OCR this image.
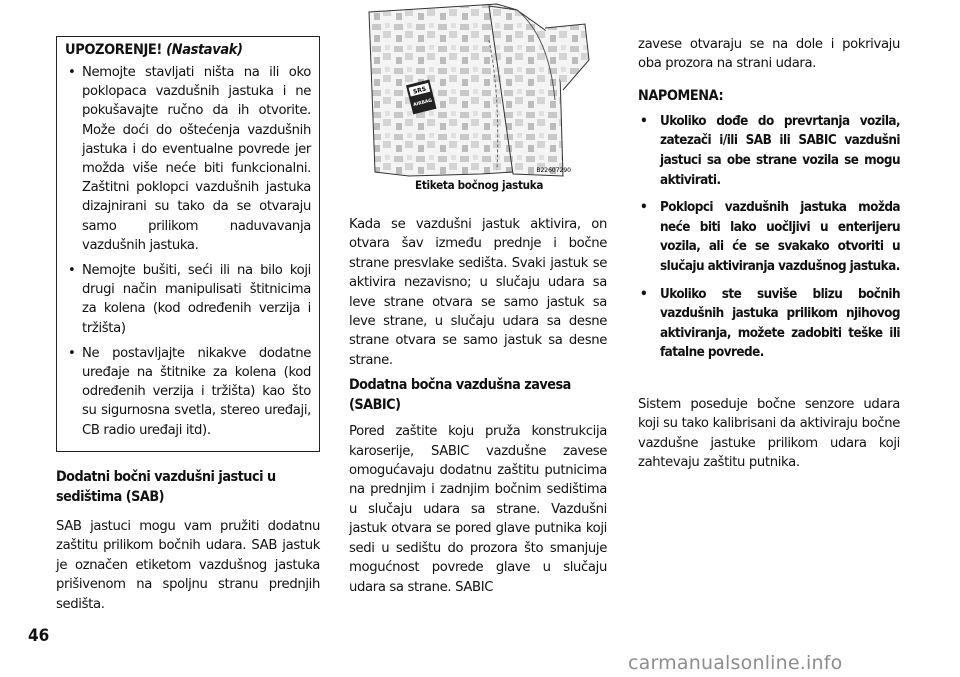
UPOZORENJE! (Nastavak)
• Nemojte stavljati ništa na ili oko poklopaca vazdušnih jastuka i ne pokušavajte ručno da ih otvorite. Može doći do oštećenja vazdušnih jastuka i do eventualne povrede jer možda više neće biti funkcionalni. Zaštitni poklopci vazdušnih jastuka dizajnirani su tako da se otvaraju samo prilikom naduvavanja vazdušnih jastuka.
• Nemojte bušiti, seći ili na bilo koji drugi način manipulisati štitnicima za kolena (kod određenih verzija i tržišta)
• Ne postavljajte nikakve dodatne uređaje na štitnike za kolena (kod određenih verzija i tržišta) kao što su sigurnosna svetla, stereo uređaji, CB radio uređaji itd).
Dodatni bočni vazdušni jastuci u sedištima (SAB)

SAB jastuci mogu vam pružiti dodatnu zaštitu prilikom bočnih udara. SAB jastuk je označen etiketom vazdušnog jastuka prišivenom na spoljnu stranu prednjih sedišta.

SRS
AIRBAG
B22607290
Etiketa bočnog jastuka

Kada se vazdušni jastuk aktivira, on otvara šav između prednje i bočne strane presvlake sedišta. Svaki jastuk se aktivira nezavisno; u slučaju udara sa leve strane otvara se samo jastuk sa leve strane, u slučaju udara sa desne strane otvara se samo jastuk sa desne strane.

Dodatna bočna vazdušna zavesa (SABIC)

Pored zaštite koju pruža konstrukcija karoserije, SABIC vazdušne zavese omogućavaju dodatnu zaštitu putnicima na prednjim i zadnjim bočnim sedištima u slučaju udara sa strane. Vazdušni jastuk otvara se pored glave putnika koji sedi u sedištu do prozora što smanjuje mogućnost povrede glave u slučaju udara sa strane. SABIC

zavese otvaraju se na dole i pokrivaju oba prozora na strani udara.

NAPOMENA:
• Ukoliko dođe do prevrtanja vozila, zatezači i/ili SAB ili SABIC vazdušni jastuci sa obe strane vozila se mogu aktivirati.
• Poklopci vazdušnih jastuka možda neće biti lako uočljivi u enterijeru vozila, ali će se svakako otvoriti u slučaju aktiviranja vazdušnog jastuka.
• Ukoliko ste suviše blizu bočnih vazdušnih jastuka prilikom njihovog aktiviranja, možete zadobiti teške ili fatalne povrede.

Sistem poseduje bočne senzore udara koji su tako kalibrisani da aktiviraju bočne vazdušne jastuke prilikom udara koji zahtevaju zaštitu putnika.

46
carmanualsonline.info
